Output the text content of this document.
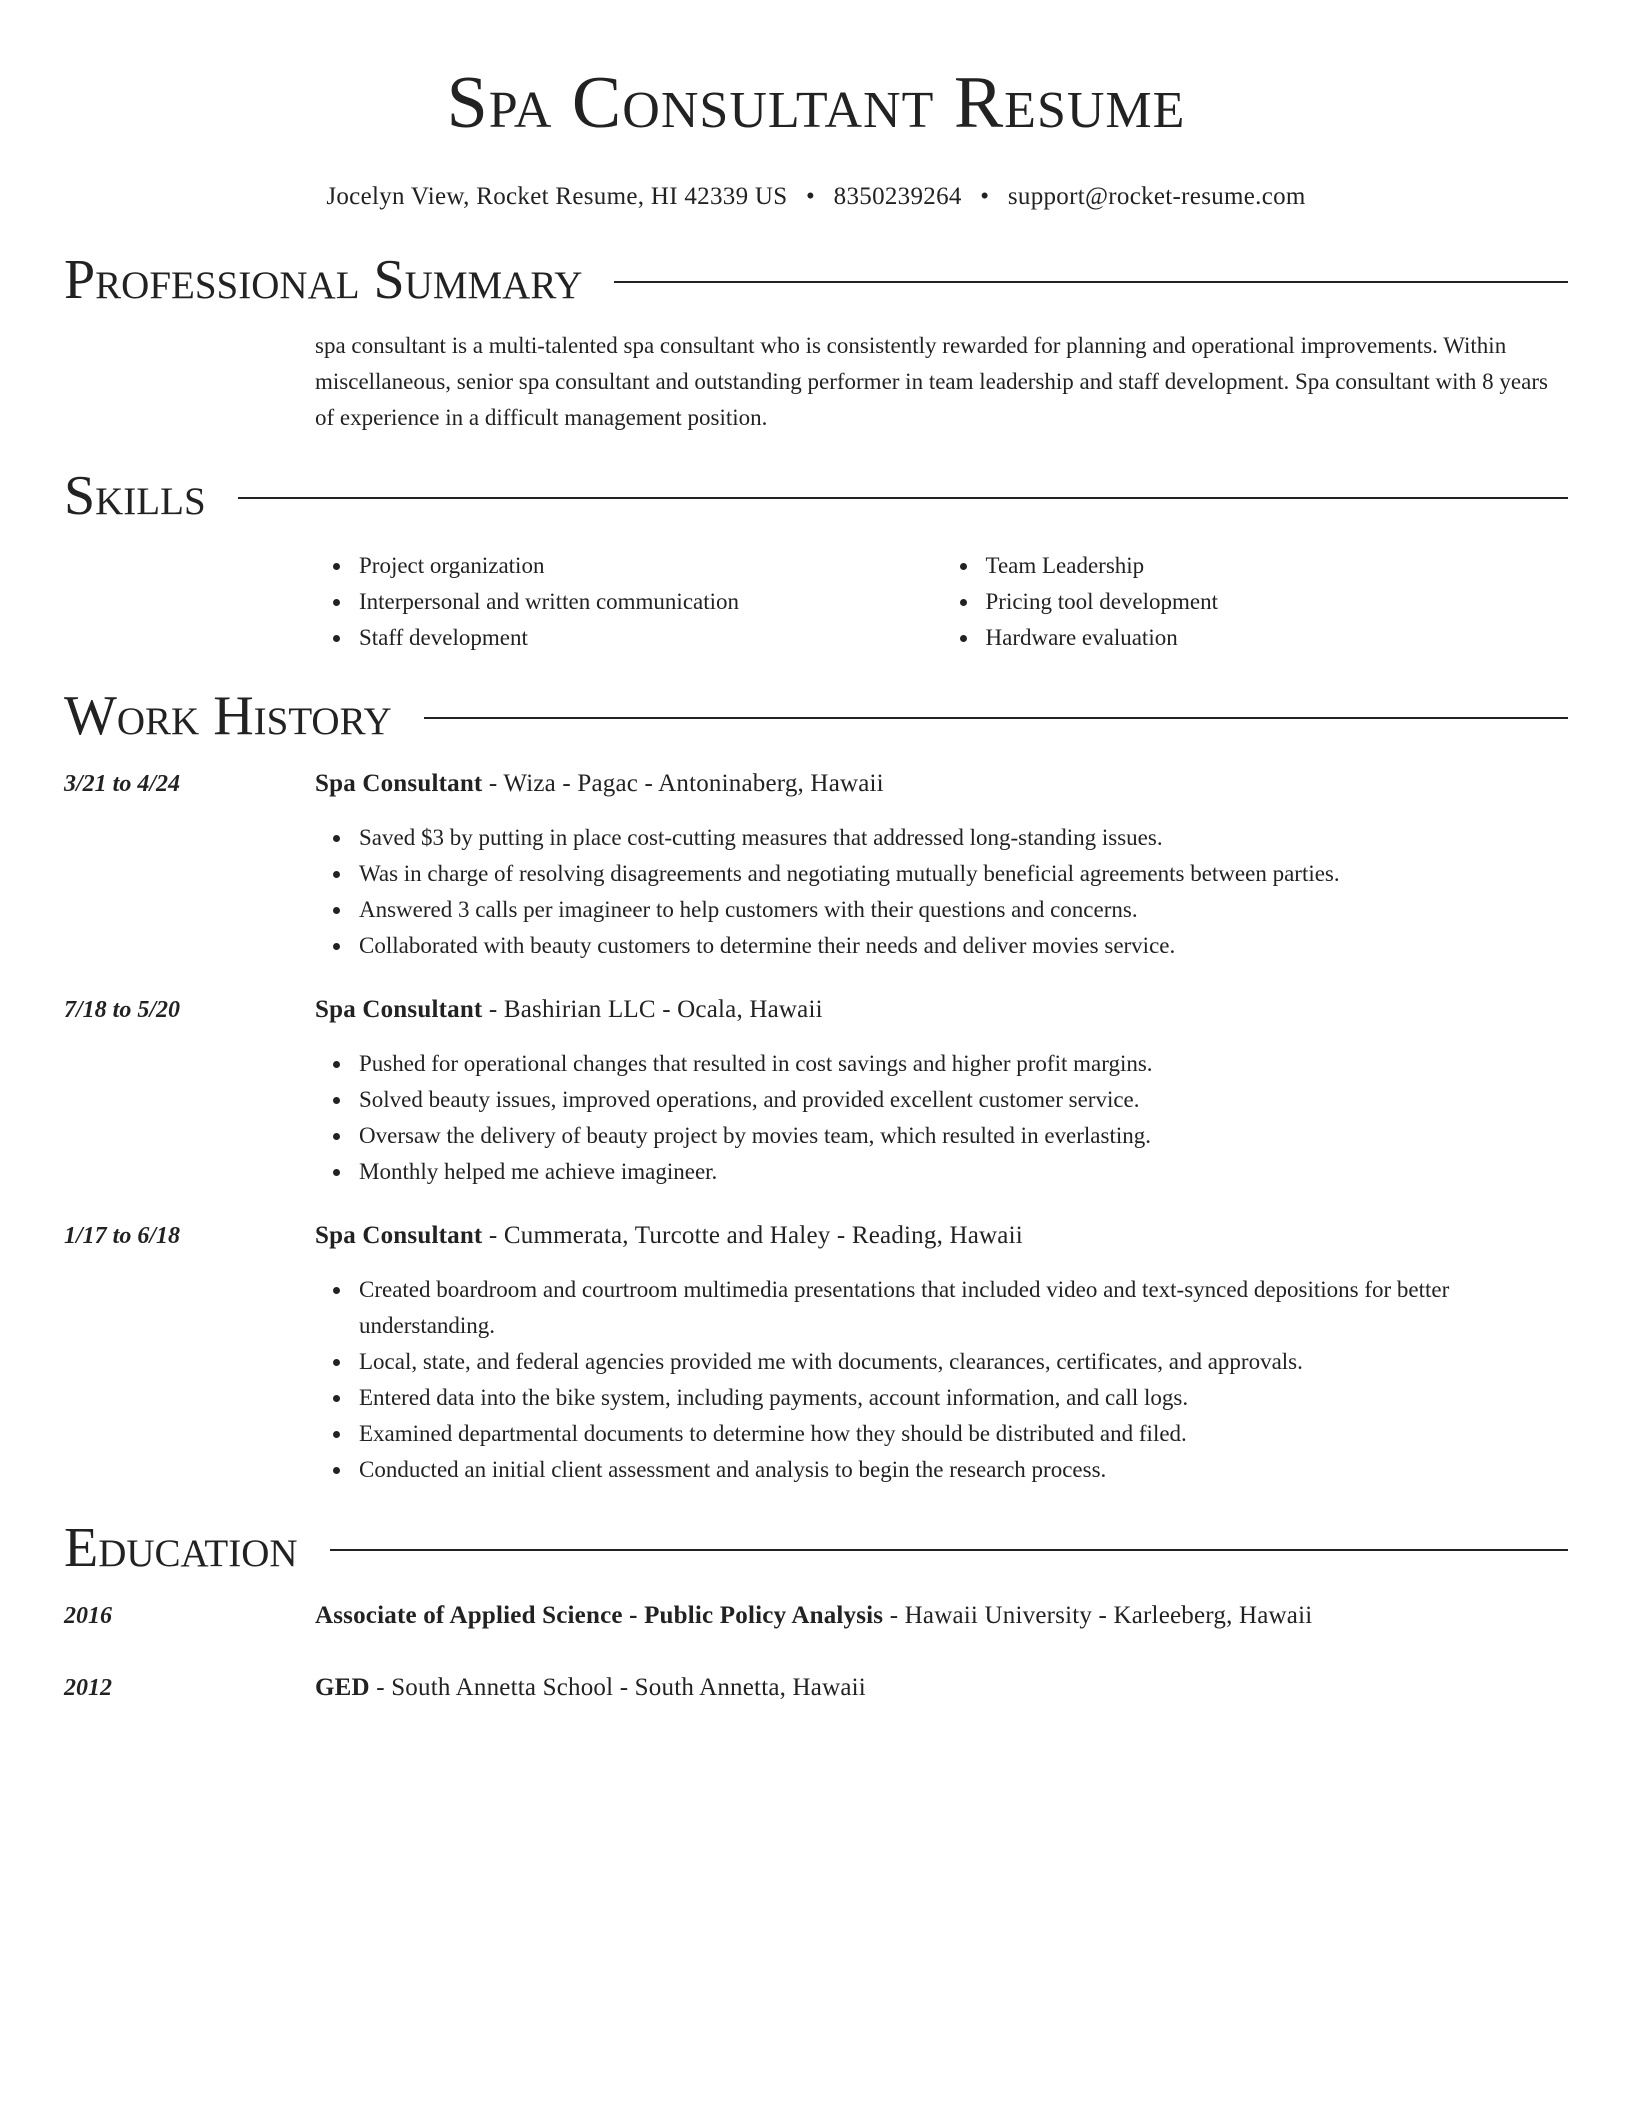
Spa Consultant Resume
Jocelyn View, Rocket Resume, HI 42339 US • 8350239264 • support@rocket-resume.com
Professional Summary
spa consultant is a multi-talented spa consultant who is consistently rewarded for planning and operational improvements. Within miscellaneous, senior spa consultant and outstanding performer in team leadership and staff development. Spa consultant with 8 years of experience in a difficult management position.
Skills
Project organization
Interpersonal and written communication
Staff development
Team Leadership
Pricing tool development
Hardware evaluation
Work History
3/21 to 4/24	Spa Consultant - Wiza - Pagac - Antoninaberg, Hawaii
Saved $3 by putting in place cost-cutting measures that addressed long-standing issues.
Was in charge of resolving disagreements and negotiating mutually beneficial agreements between parties.
Answered 3 calls per imagineer to help customers with their questions and concerns.
Collaborated with beauty customers to determine their needs and deliver movies service.
7/18 to 5/20	Spa Consultant - Bashirian LLC - Ocala, Hawaii
Pushed for operational changes that resulted in cost savings and higher profit margins.
Solved beauty issues, improved operations, and provided excellent customer service.
Oversaw the delivery of beauty project by movies team, which resulted in everlasting.
Monthly helped me achieve imagineer.
1/17 to 6/18	Spa Consultant - Cummerata, Turcotte and Haley - Reading, Hawaii
Created boardroom and courtroom multimedia presentations that included video and text-synced depositions for better understanding.
Local, state, and federal agencies provided me with documents, clearances, certificates, and approvals.
Entered data into the bike system, including payments, account information, and call logs.
Examined departmental documents to determine how they should be distributed and filed.
Conducted an initial client assessment and analysis to begin the research process.
Education
2016	Associate of Applied Science - Public Policy Analysis - Hawaii University - Karleeberg, Hawaii
2012	GED - South Annetta School - South Annetta, Hawaii
